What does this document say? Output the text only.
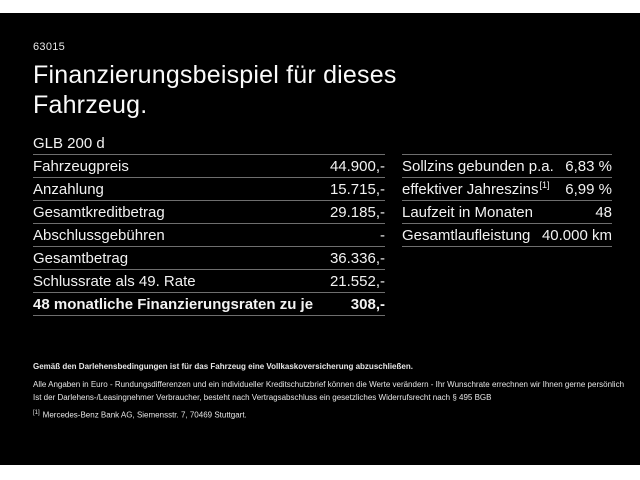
63015
Finanzierungsbeispiel für dieses Fahrzeug.
GLB 200 d
Fahrzeugpreis	44.900,-
Anzahlung	15.715,-
Gesamtkreditbetrag	29.185,-
Abschlussgebühren	-
Gesamtbetrag	36.336,-
Schlussrate als 49. Rate	21.552,-
48 monatliche Finanzierungsraten zu je	308,-
Sollzins gebunden p.a. 6,83 %
effektiver Jahreszins[1] 6,99 %
Laufzeit in Monaten	48
Gesamtlaufleistung 40.000 km
Gemäß den Darlehensbedingungen ist für das Fahrzeug eine Vollkaskoversicherung abzuschließen.
Alle Angaben in Euro - Rundungsdifferenzen und ein individueller Kreditschutzbrief können die Werte verändern - Ihr Wunschrate errechnen wir Ihnen gerne persönlich
Ist der Darlehens-/Leasingnehmer Verbraucher, besteht nach Vertragsabschluss ein gesetzliches Widerrufsrecht nach § 495 BGB
[1] Mercedes-Benz Bank AG, Siemensstr. 7, 70469 Stuttgart.
